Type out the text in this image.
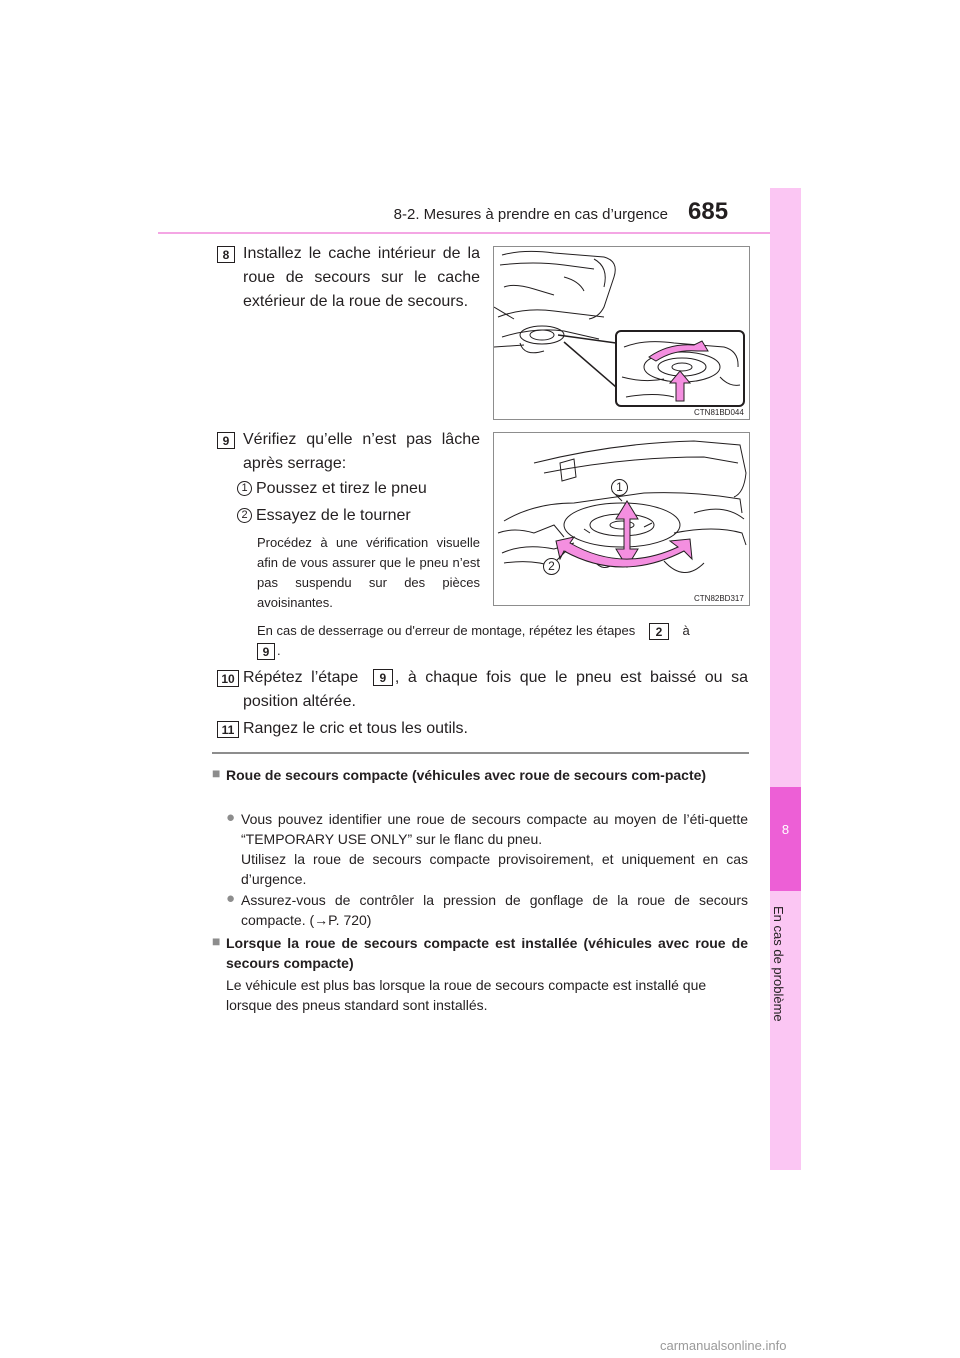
8-2. Mesures à prendre en cas d’urgence 685
8
En cas de problème
8 Installez le cache intérieur de la roue de secours sur le cache extérieur de la roue de secours.
CTN81BD044
9 Vérifiez qu’elle n’est pas lâche après serrage:
1 Poussez et tirez le pneu
2 Essayez de le tourner
Procédez à une vérification visuelle afin de vous assurer que le pneu n’est pas suspendu sur des pièces avoisinantes.
En cas de desserrage ou d'erreur de montage, répétez les étapes 2 à
9 .
1
2
CTN82BD317
10 Répétez l’étape 9 , à chaque fois que le pneu est baissé ou sa position altérée.
11 Rangez le cric et tous les outils.
■ Roue de secours compacte (véhicules avec roue de secours com-pacte)
● Vous pouvez identifier une roue de secours compacte au moyen de l’éti-quette “TEMPORARY USE ONLY” sur le flanc du pneu.
Utilisez la roue de secours compacte provisoirement, et uniquement en cas d’urgence.
● Assurez-vous de contrôler la pression de gonflage de la roue de secours compacte. (→P. 720)
■ Lorsque la roue de secours compacte est installée (véhicules avec roue de secours compacte)
Le véhicule est plus bas lorsque la roue de secours compacte est installé que lorsque des pneus standard sont installés.
carmanualsonline.info
